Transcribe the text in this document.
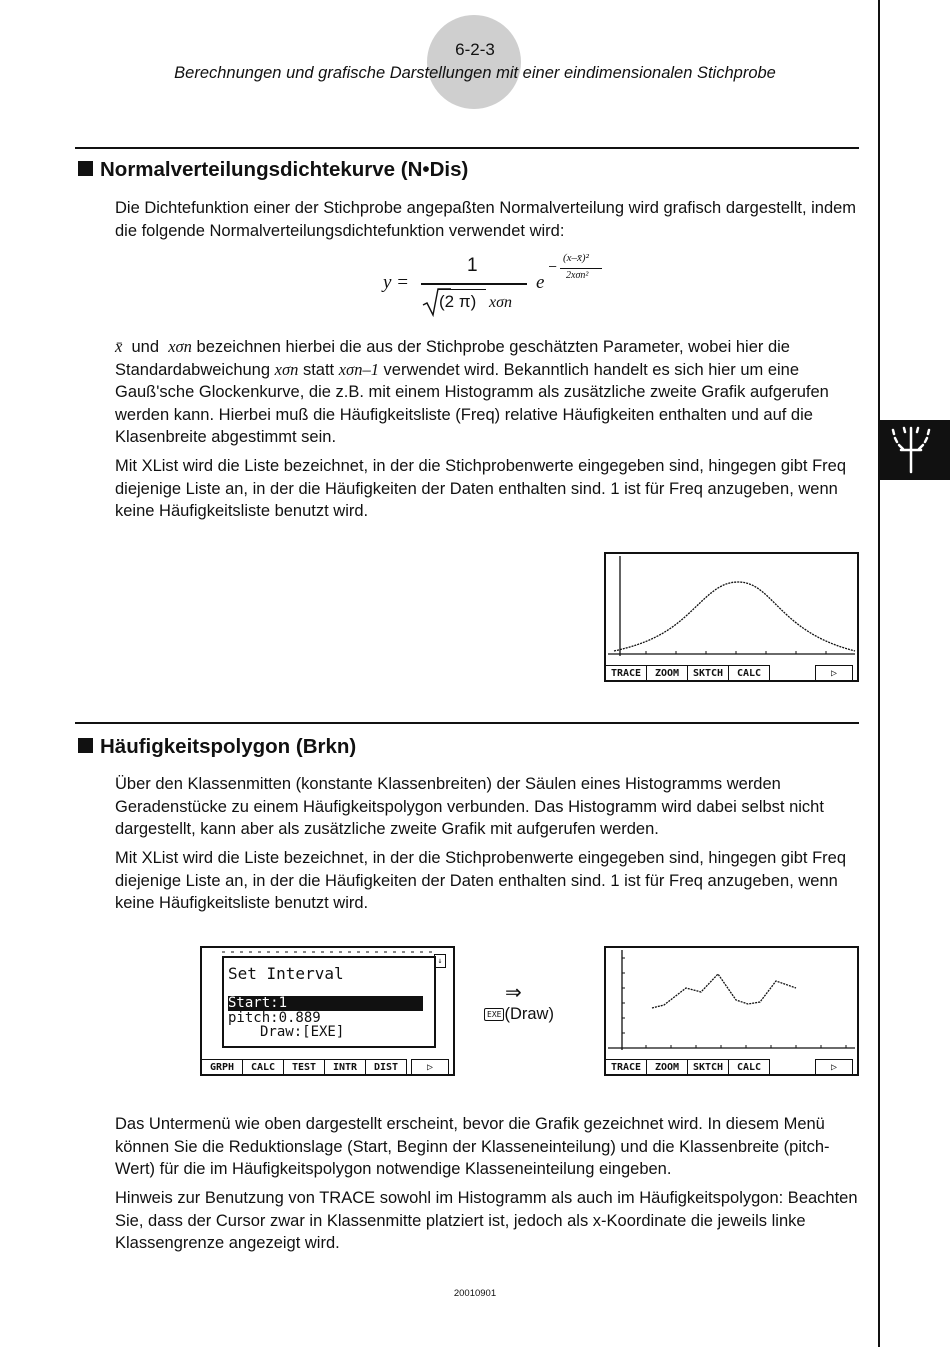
6-2-3
Berechnungen und grafische Darstellungen mit einer eindimensionalen Stichprobe
Normalverteilungsdichtekurve (N•Dis)

Die Dichtefunktion einer der Stichprobe angepaßten Normalverteilung wird grafisch dargestellt, indem die folgende Normalverteilungsdichtefunktion verwendet wird:

y =
1
(2 π) xσn
e
– (x–x̄)²
2xσn²

x̄ und xσn bezeichnen hierbei die aus der Stichprobe geschätzten Parameter, wobei hier die Standardabweichung xσn statt xσn–1 verwendet wird. Bekanntlich handelt es sich hier um eine Gauß'sche Glockenkurve, die z.B. mit einem Histogramm als zusätzliche zweite Grafik aufgerufen werden kann. Hierbei muß die Häufigkeitsliste (Freq) relative Häufigkeiten enthalten und auf die Klasenbreite abgestimmt sein.

Mit XList wird die Liste bezeichnet, in der die Stichprobenwerte eingegeben sind, hingegen gibt Freq diejenige Liste an, in der die Häufigkeiten der Daten enthalten sind. 1 ist für Freq anzugeben, wenn keine Häufigkeitsliste benutzt wird.

TRACE	ZOOM	SKTCH	CALC	▷
Häufigkeitspolygon (Brkn)

Über den Klassenmitten (konstante Klassenbreiten) der Säulen eines Histogramms werden Geradenstücke zu einem Häufigkeitspolygon verbunden. Das Histogramm wird dabei selbst nicht dargestellt, kann aber als zusätzliche zweite Grafik mit aufgerufen werden.

Mit XList wird die Liste bezeichnet, in der die Stichprobenwerte eingegeben sind, hingegen gibt Freq diejenige Liste an, in der die Häufigkeiten der Daten enthalten sind. 1 ist für Freq anzugeben, wenn keine Häufigkeitsliste benutzt wird.

Set Interval
Start:1
pitch:0.889
Draw:[EXE]
↓
GRPH	CALC	TEST	INTR	DIST	▷
⇒
EXE (Draw)
TRACE	ZOOM	SKTCH	CALC	▷

Das Untermenü wie oben dargestellt erscheint, bevor die Grafik gezeichnet wird. In diesem Menü können Sie die Reduktionslage (Start, Beginn der Klasseneinteilung) und die Klassenbreite (pitch-Wert) für die im Häufigkeitspolygon notwendige Klasseneinteilung eingeben.

Hinweis zur Benutzung von TRACE sowohl im Histogramm als auch im Häufigkeitspolygon: Beachten Sie, dass der Cursor zwar in Klassenmitte platziert ist, jedoch als x-Koordinate die jeweils linke Klassengrenze angezeigt wird.

20010901
